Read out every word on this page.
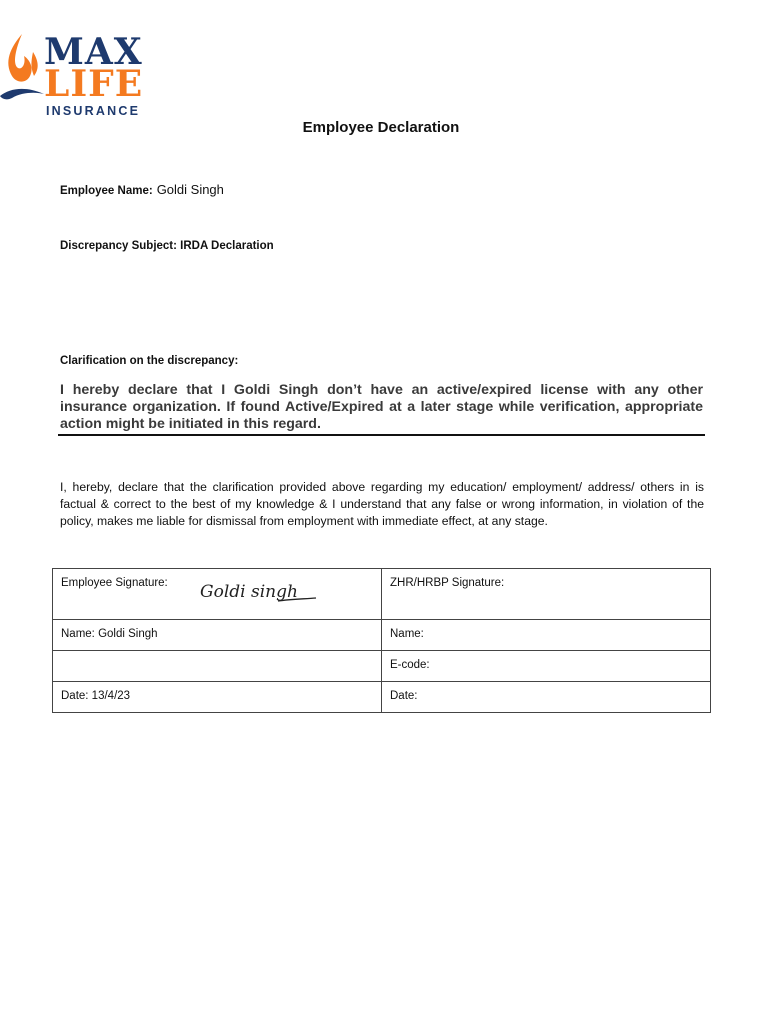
MAX
LIFE
INSURANCE
Employee Declaration
Employee Name: Goldi Singh
Discrepancy Subject: IRDA Declaration
Clarification on the discrepancy:
I hereby declare that I Goldi Singh don’t have an active/expired license with any other insurance organization. If found Active/Expired at a later stage while verification, appropriate action might be initiated in this regard.
I, hereby, declare that the clarification provided above regarding my education/ employment/ address/ others in is factual & correct to the best of my knowledge & I understand that any false or wrong information, in violation of the policy, makes me liable for dismissal from employment with immediate effect, at any stage.
Employee Signature: Goldi singh	ZHR/HRBP Signature:
Name: Goldi Singh	Name:
	E-code:
Date: 13/4/23	Date:
